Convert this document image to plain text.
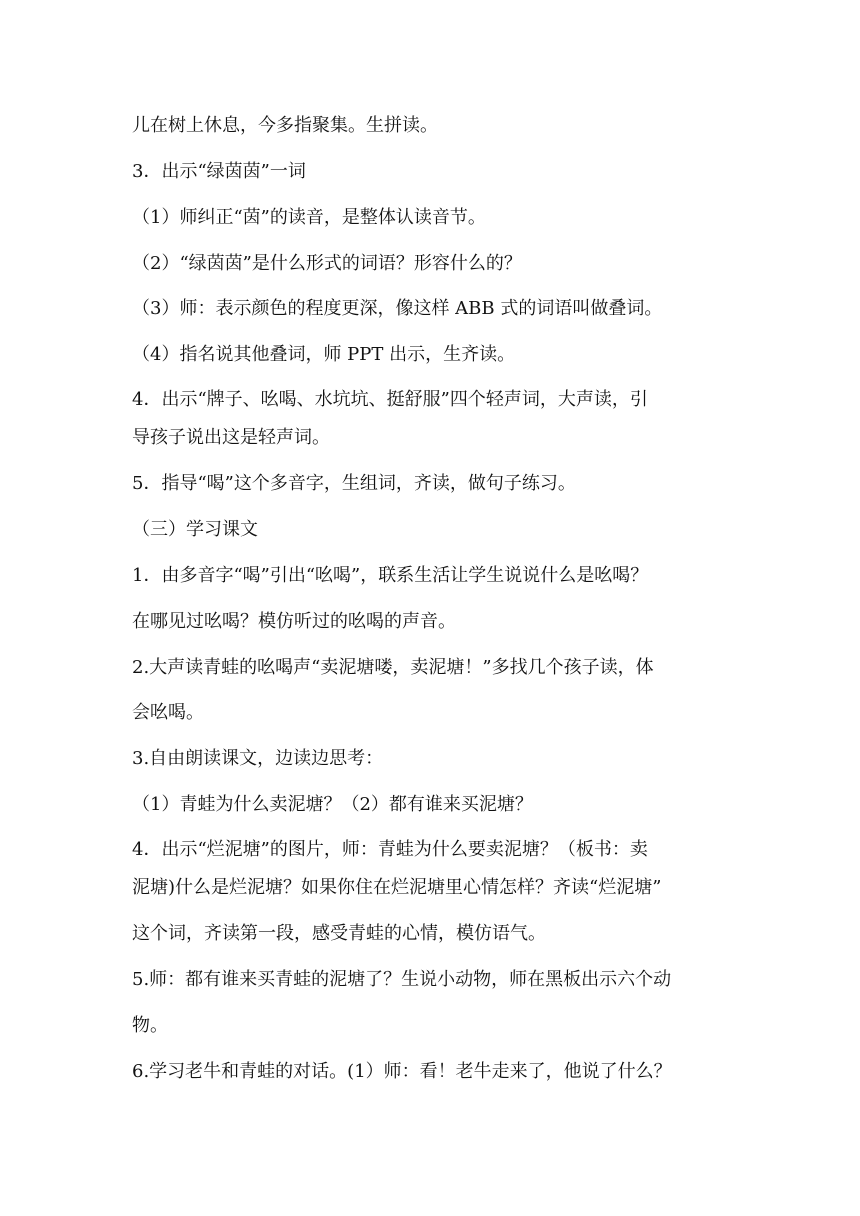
儿在树上休息，今多指聚集。生拼读。
3．出示“绿茵茵”一词
（1）师纠正“茵”的读音，是整体认读音节。
（2）“绿茵茵”是什么形式的词语？形容什么的？
（3）师：表示颜色的程度更深，像这样 ABB 式的词语叫做叠词。
（4）指名说其他叠词，师 PPT 出示，生齐读。
4．出示“牌子、吆喝、水坑坑、挺舒服”四个轻声词，大声读，引
导孩子说出这是轻声词。
5．指导“喝”这个多音字，生组词，齐读，做句子练习。
（三）学习课文
1．由多音字“喝”引出“吆喝”，联系生活让学生说说什么是吆喝？
在哪见过吆喝？模仿听过的吆喝的声音。
2.大声读青蛙的吆喝声“卖泥塘喽，卖泥塘！”多找几个孩子读，体
会吆喝。
3.自由朗读课文，边读边思考：
（1）青蛙为什么卖泥塘？（2）都有谁来买泥塘？
4．出示“烂泥塘”的图片，师：青蛙为什么要卖泥塘？（板书：卖
泥塘)什么是烂泥塘？如果你住在烂泥塘里心情怎样？齐读“烂泥塘”
这个词，齐读第一段，感受青蛙的心情，模仿语气。
5.师：都有谁来买青蛙的泥塘了？生说小动物，师在黑板出示六个动
物。
6.学习老牛和青蛙的对话。(1）师：看！老牛走来了，他说了什么？
